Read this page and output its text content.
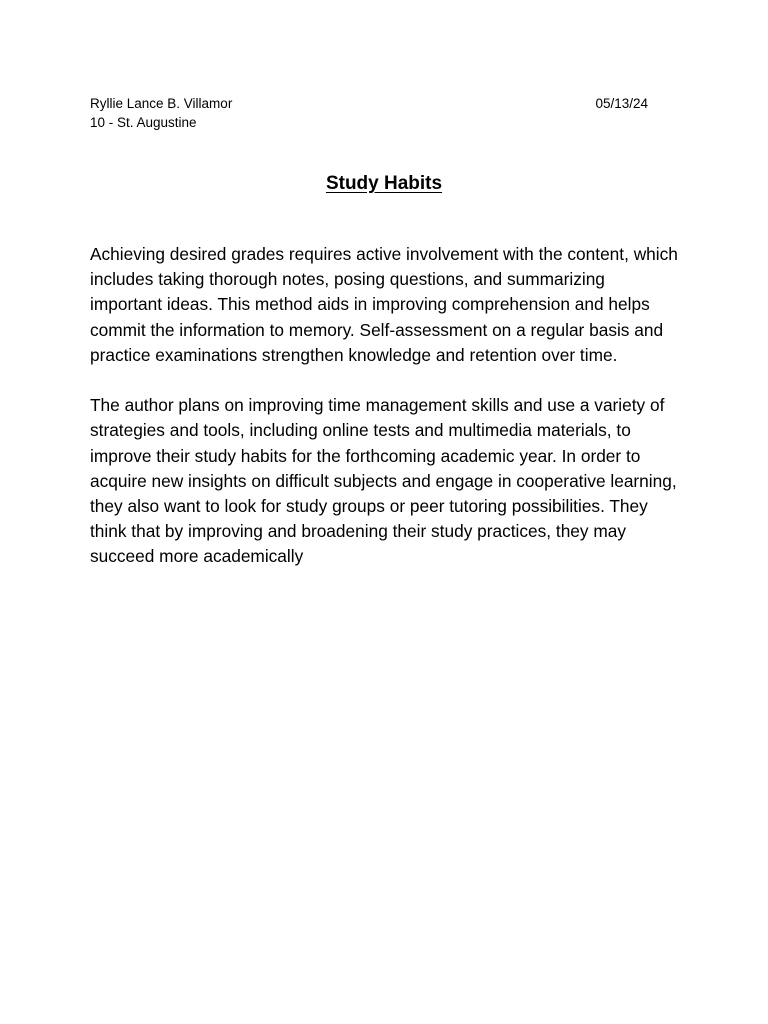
Ryllie Lance B. Villamor	05/13/24
10 - St. Augustine
Study Habits

Achieving desired grades requires active involvement with the content, which includes taking thorough notes, posing questions, and summarizing important ideas. This method aids in improving comprehension and helps commit the information to memory. Self-assessment on a regular basis and practice examinations strengthen knowledge and retention over time.

The author plans on improving time management skills and use a variety of strategies and tools, including online tests and multimedia materials, to improve their study habits for the forthcoming academic year. In order to acquire new insights on difficult subjects and engage in cooperative learning, they also want to look for study groups or peer tutoring possibilities. They think that by improving and broadening their study practices, they may succeed more academically
